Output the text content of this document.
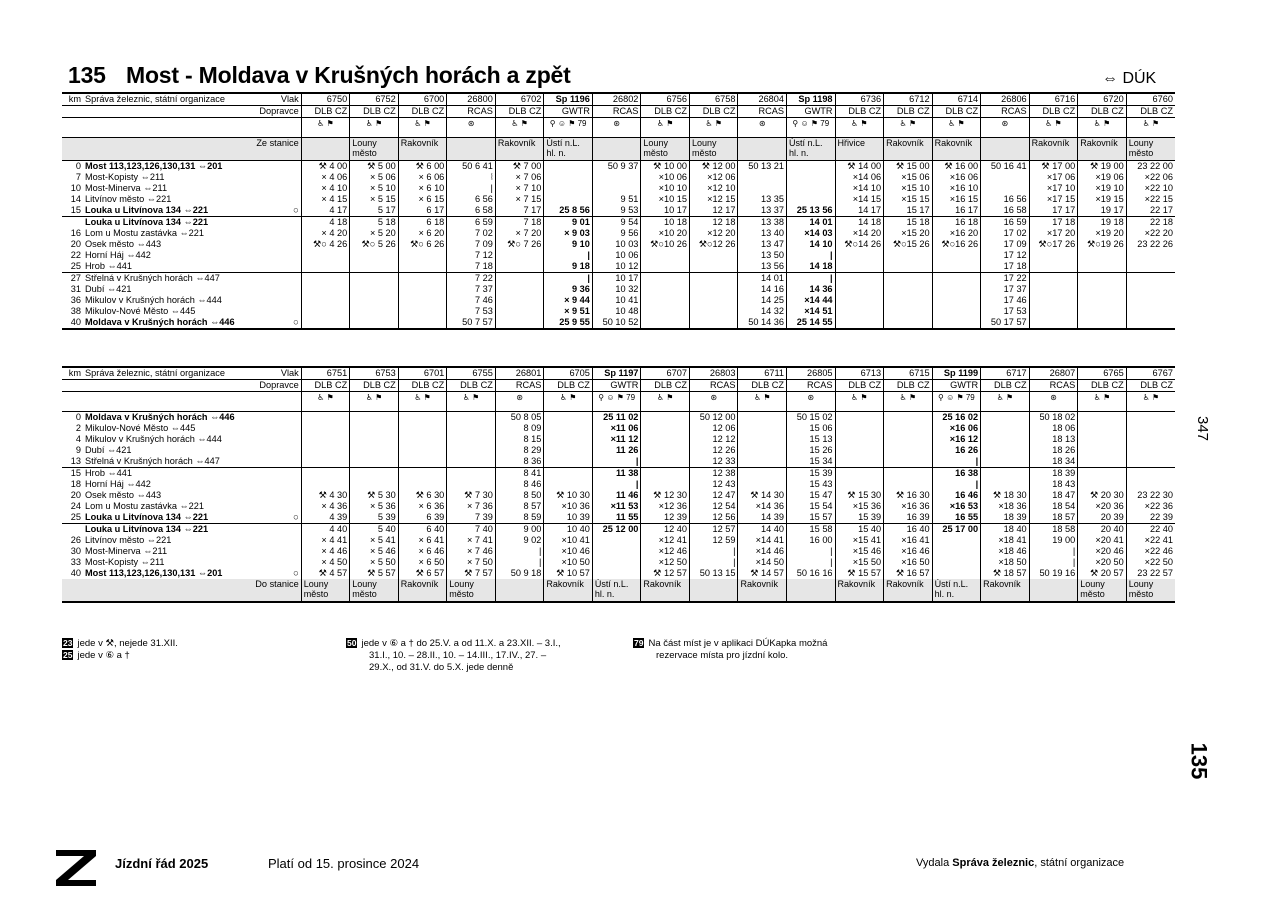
135 Most - Moldava v Krušných horách a zpět	⇔ DÚK
km	Správa železnic, státní organizace Vlak	6750	6752	6700	26800	6702	Sp 1196	26802	6756	6758	26804	Sp 1198	6736	6712	6714	26806	6716	6720	6760
	Dopravce	DLB CZ	DLB CZ	DLB CZ	RCAS	DLB CZ	GWTR	RCAS	DLB CZ	DLB CZ	RCAS	GWTR	DLB CZ	DLB CZ	DLB CZ	RCAS	DLB CZ	DLB CZ	DLB CZ
		♿ ⚑	♿ ⚑	♿ ⚑	⊛	♿ ⚑	⚲ ☺ ⚑ 79	⊛	♿ ⚑	♿ ⚑	⊛	⚲ ☺ ⚑ 79	♿ ⚑	♿ ⚑	♿ ⚑	⊛	♿ ⚑	♿ ⚑	♿ ⚑
	Ze stanice		Louny město	Rakovník		Rakovník	Ústí n.L. hl. n.		Louny město	Louny město		Ústí n.L. hl. n.	Hřivice	Rakovník	Rakovník		Rakovník	Rakovník	Louny město
0	Most 113,123,126,130,131 ⇔201	⚒ 4 00	⚒ 5 00	⚒ 6 00	50 6 41	⚒ 7 00		50 9 37	⚒ 10 00	⚒ 12 00	50 13 21		⚒ 14 00	⚒ 15 00	⚒ 16 00	50 16 41	⚒ 17 00	⚒ 19 00	23 22 00
7	Most-Kopisty ⇔211	× 4 06	× 5 06	× 6 06	⦚	× 7 06			×10 06	×12 06			×14 06	×15 06	×16 06		×17 06	×19 06	×22 06
10	Most-Minerva ⇔211	× 4 10	× 5 10	× 6 10	|	× 7 10			×10 10	×12 10			×14 10	×15 10	×16 10		×17 10	×19 10	×22 10
14	Litvínov město ⇔221	× 4 15	× 5 15	× 6 15	6 56	× 7 15		9 51	×10 15	×12 15	13 35		×14 15	×15 15	×16 15	16 56	×17 15	×19 15	×22 15
15	Louka u Litvínova 134 ⇔221 ○	4 17	5 17	6 17	6 58	7 17	25 8 56	9 53	10 17	12 17	13 37	25 13 56	14 17	15 17	16 17	16 58	17 17	19 17	22 17
	Louka u Litvínova 134 ⇔221	4 18	5 18	6 18	6 59	7 18	9 01	9 54	10 18	12 18	13 38	14 01	14 18	15 18	16 18	16 59	17 18	19 18	22 18
16	Lom u Mostu zastávka ⇔221	× 4 20	× 5 20	× 6 20	7 02	× 7 20	× 9 03	9 56	×10 20	×12 20	13 40	×14 03	×14 20	×15 20	×16 20	17 02	×17 20	×19 20	×22 20
20	Osek město ⇔443	⚒○ 4 26	⚒○ 5 26	⚒○ 6 26	7 09	⚒○ 7 26	9 10	10 03	⚒○10 26	⚒○12 26	13 47	14 10	⚒○14 26	⚒○15 26	⚒○16 26	17 09	⚒○17 26	⚒○19 26	23 22 26
22	Horní Háj ⇔442				7 12		|	10 06			13 50	|				17 12			
25	Hrob ⇔441				7 18		9 18	10 12			13 56	14 18				17 18			
27	Střelná v Krušných horách ⇔447				7 22		|	10 17			14 01	|				17 22			
31	Dubí ⇔421				7 37		9 36	10 32			14 16	14 36				17 37			
36	Mikulov v Krušných horách ⇔444				7 46		× 9 44	10 41			14 25	×14 44				17 46			
38	Mikulov-Nové Město ⇔445				7 53		× 9 51	10 48			14 32	×14 51				17 53			
40	Moldava v Krušných horách ⇔446 ○				50 7 57		25 9 55	50 10 52			50 14 36	25 14 55				50 17 57			
km	Správa železnic, státní organizace Vlak	6751	6753	6701	6755	26801	6705	Sp 1197	6707	26803	6711	26805	6713	6715	Sp 1199	6717	26807	6765	6767
	Dopravce	DLB CZ	DLB CZ	DLB CZ	DLB CZ	RCAS	DLB CZ	GWTR	DLB CZ	RCAS	DLB CZ	RCAS	DLB CZ	DLB CZ	GWTR	DLB CZ	RCAS	DLB CZ	DLB CZ
		♿ ⚑	♿ ⚑	♿ ⚑	♿ ⚑	⊛	♿ ⚑	⚲ ☺ ⚑ 79	♿ ⚑	⊛	♿ ⚑	⊛	♿ ⚑	♿ ⚑	⚲ ☺ ⚑ 79	♿ ⚑	⊛	♿ ⚑	♿ ⚑
0	Moldava v Krušných horách ⇔446					50 8 05		25 11 02		50 12 00		50 15 02			25 16 02		50 18 02		
2	Mikulov-Nové Město ⇔445					8 09		×11 06		12 06		15 06			×16 06		18 06		
4	Mikulov v Krušných horách ⇔444					8 15		×11 12		12 12		15 13			×16 12		18 13		
9	Dubí ⇔421					8 29		11 26		12 26		15 26			16 26		18 26		
13	Střelná v Krušných horách ⇔447					8 36		|		12 33		15 34			|		18 34		
15	Hrob ⇔441					8 41		11 38		12 38		15 39			16 38		18 39		
18	Horní Háj ⇔442					8 46		|		12 43		15 43			|		18 43		
20	Osek město ⇔443	⚒ 4 30	⚒ 5 30	⚒ 6 30	⚒ 7 30	8 50	⚒ 10 30	11 46	⚒ 12 30	12 47	⚒ 14 30	15 47	⚒ 15 30	⚒ 16 30	16 46	⚒ 18 30	18 47	⚒ 20 30	23 22 30
24	Lom u Mostu zastávka ⇔221	× 4 36	× 5 36	× 6 36	× 7 36	8 57	×10 36	×11 53	×12 36	12 54	×14 36	15 54	×15 36	×16 36	×16 53	×18 36	18 54	×20 36	×22 36
25	Louka u Litvínova 134 ⇔221 ○	4 39	5 39	6 39	7 39	8 59	10 39	11 55	12 39	12 56	14 39	15 57	15 39	16 39	16 55	18 39	18 57	20 39	22 39
	Louka u Litvínova 134 ⇔221	4 40	5 40	6 40	7 40	9 00	10 40	25 12 00	12 40	12 57	14 40	15 58	15 40	16 40	25 17 00	18 40	18 58	20 40	22 40
26	Litvínov město ⇔221	× 4 41	× 5 41	× 6 41	× 7 41	9 02	×10 41		×12 41	12 59	×14 41	16 00	×15 41	×16 41		×18 41	19 00	×20 41	×22 41
30	Most-Minerva ⇔211	× 4 46	× 5 46	× 6 46	× 7 46	|	×10 46		×12 46	|	×14 46	|	×15 46	×16 46		×18 46	|	×20 46	×22 46
33	Most-Kopisty ⇔211	× 4 50	× 5 50	× 6 50	× 7 50	|	×10 50		×12 50	|	×14 50	|	×15 50	×16 50		×18 50	|	×20 50	×22 50
40	Most 113,123,126,130,131 ⇔201 ○	⚒ 4 57	⚒ 5 57	⚒ 6 57	⚒ 7 57	50 9 18	⚒ 10 57		⚒ 12 57	50 13 15	⚒ 14 57	50 16 16	⚒ 15 57	⚒ 16 57		⚒ 18 57	50 19 16	⚒ 20 57	23 22 57
	Do stanice	Louny město	Louny město	Rakovník	Louny město		Rakovník	Ústí n.L. hl. n.	Rakovník		Rakovník		Rakovník	Rakovník	Ústí n.L. hl. n.	Rakovník		Louny město	Louny město
23 jede v ⚒, nejede 31.XII.
25 jede v ⑥ a †
50 jede v ⑥ a † do 25.V. a od 11.X. a 23.XII. – 3.I.,
31.I., 10. – 28.II., 10. – 14.III., 17.IV., 27. –
29.X., od 31.V. do 5.X. jede denně
79 Na část míst je v aplikaci DÚKapka možná
rezervace místa pro jízdní kolo.
347
135
Jízdní řád 2025	Platí od 15. prosince 2024	Vydala Správa železnic, státní organizace
